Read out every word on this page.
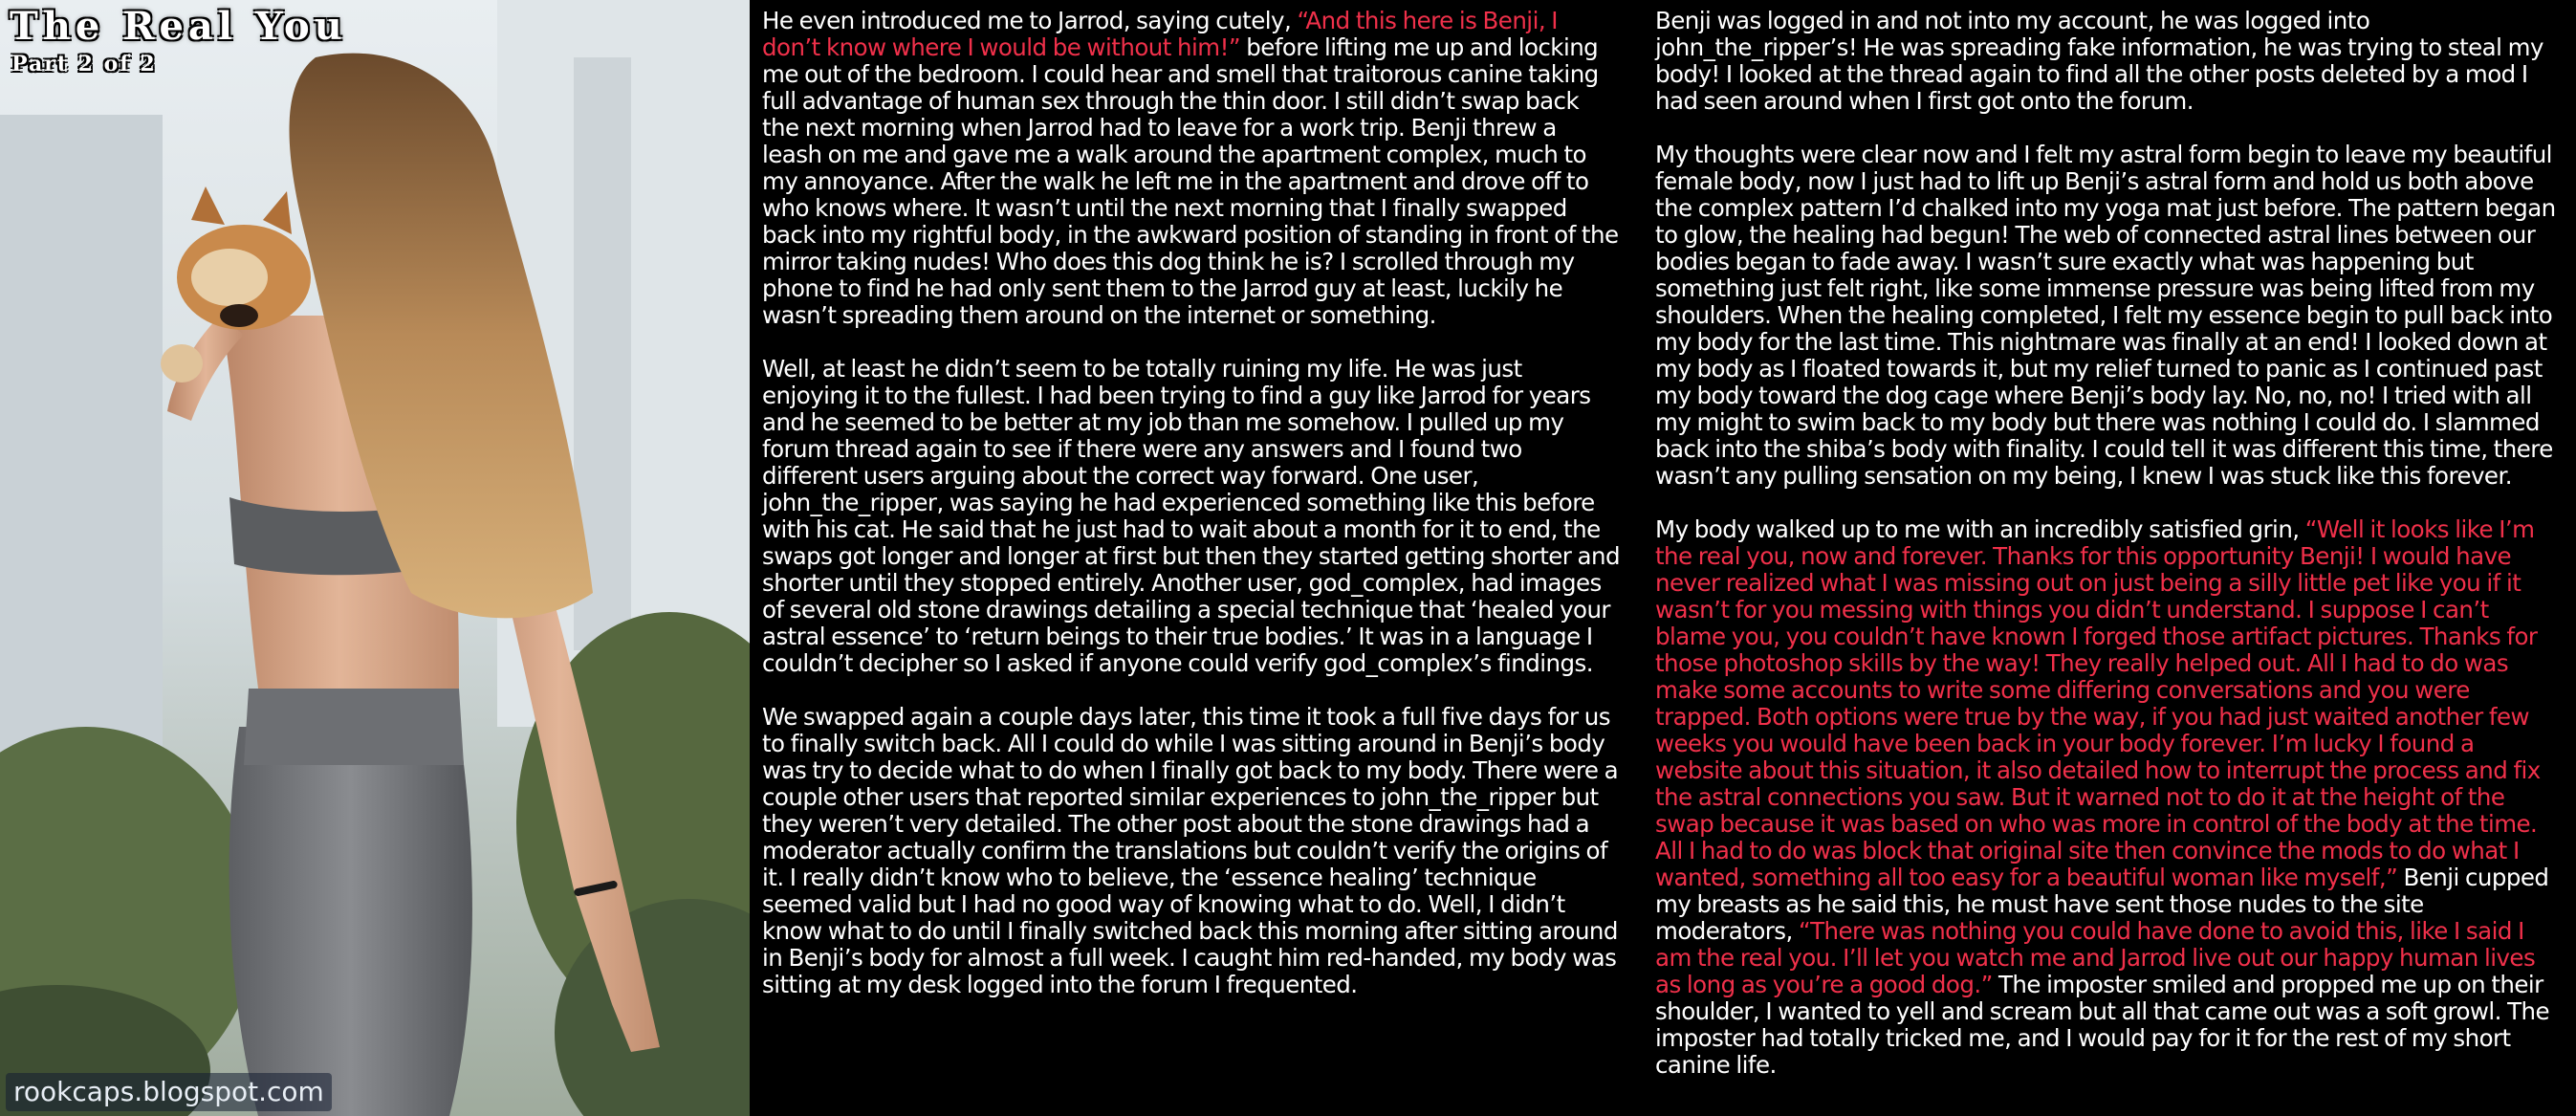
The Real You
Part 2 of 2
rookcaps.blogspot.com

He even introduced me to Jarrod, saying cutely, “And this here is Benji, I don’t know where I would be without him!” before lifting me up and locking me out of the bedroom. I could hear and smell that traitorous canine taking full advantage of human sex through the thin door. I still didn’t swap back the next morning when Jarrod had to leave for a work trip. Benji threw a leash on me and gave me a walk around the apartment complex, much to my annoyance. After the walk he left me in the apartment and drove off to who knows where. It wasn’t until the next morning that I finally swapped back into my rightful body, in the awkward position of standing in front of the mirror taking nudes! Who does this dog think he is? I scrolled through my phone to find he had only sent them to the Jarrod guy at least, luckily he wasn’t spreading them around on the internet or something.

Well, at least he didn’t seem to be totally ruining my life. He was just enjoying it to the fullest. I had been trying to find a guy like Jarrod for years and he seemed to be better at my job than me somehow. I pulled up my forum thread again to see if there were any answers and I found two different users arguing about the correct way forward. One user, john_the_ripper, was saying he had experienced something like this before with his cat. He said that he just had to wait about a month for it to end, the swaps got longer and longer at first but then they started getting shorter and shorter until they stopped entirely. Another user, god_complex, had images of several old stone drawings detailing a special technique that ‘healed your astral essence’ to ‘return beings to their true bodies.’ It was in a language I couldn’t decipher so I asked if anyone could verify god_complex’s findings.

We swapped again a couple days later, this time it took a full five days for us to finally switch back. All I could do while I was sitting around in Benji’s body was try to decide what to do when I finally got back to my body. There were a couple other users that reported similar experiences to john_the_ripper but they weren’t very detailed. The other post about the stone drawings had a moderator actually confirm the translations but couldn’t verify the origins of it. I really didn’t know who to believe, the ‘essence healing’ technique seemed valid but I had no good way of knowing what to do. Well, I didn’t know what to do until I finally switched back this morning after sitting around in Benji’s body for almost a full week. I caught him red-handed, my body was sitting at my desk logged into the forum I frequented.

Benji was logged in and not into my account, he was logged into john_the_ripper’s! He was spreading fake information, he was trying to steal my body! I looked at the thread again to find all the other posts deleted by a mod I had seen around when I first got onto the forum.

My thoughts were clear now and I felt my astral form begin to leave my beautiful female body, now I just had to lift up Benji’s astral form and hold us both above the complex pattern I’d chalked into my yoga mat just before. The pattern began to glow, the healing had begun! The web of connected astral lines between our bodies began to fade away. I wasn’t sure exactly what was happening but something just felt right, like some immense pressure was being lifted from my shoulders. When the healing completed, I felt my essence begin to pull back into my body for the last time. This nightmare was finally at an end! I looked down at my body as I floated towards it, but my relief turned to panic as I continued past my body toward the dog cage where Benji’s body lay. No, no, no! I tried with all my might to swim back to my body but there was nothing I could do. I slammed back into the shiba’s body with finality. I could tell it was different this time, there wasn’t any pulling sensation on my being, I knew I was stuck like this forever.

My body walked up to me with an incredibly satisfied grin, “Well it looks like I’m the real you, now and forever. Thanks for this opportunity Benji! I would have never realized what I was missing out on just being a silly little pet like you if it wasn’t for you messing with things you didn’t understand. I suppose I can’t blame you, you couldn’t have known I forged those artifact pictures. Thanks for those photoshop skills by the way! They really helped out. All I had to do was make some accounts to write some differing conversations and you were trapped. Both options were true by the way, if you had just waited another few weeks you would have been back in your body forever. I’m lucky I found a website about this situation, it also detailed how to interrupt the process and fix the astral connections you saw. But it warned not to do it at the height of the swap because it was based on who was more in control of the body at the time. All I had to do was block that original site then convince the mods to do what I wanted, something all too easy for a beautiful woman like myself,” Benji cupped my breasts as he said this, he must have sent those nudes to the site moderators, “There was nothing you could have done to avoid this, like I said I am the real you. I’ll let you watch me and Jarrod live out our happy human lives as long as you’re a good dog.” The imposter smiled and propped me up on their shoulder, I wanted to yell and scream but all that came out was a soft growl. The imposter had totally tricked me, and I would pay for it for the rest of my short canine life.
